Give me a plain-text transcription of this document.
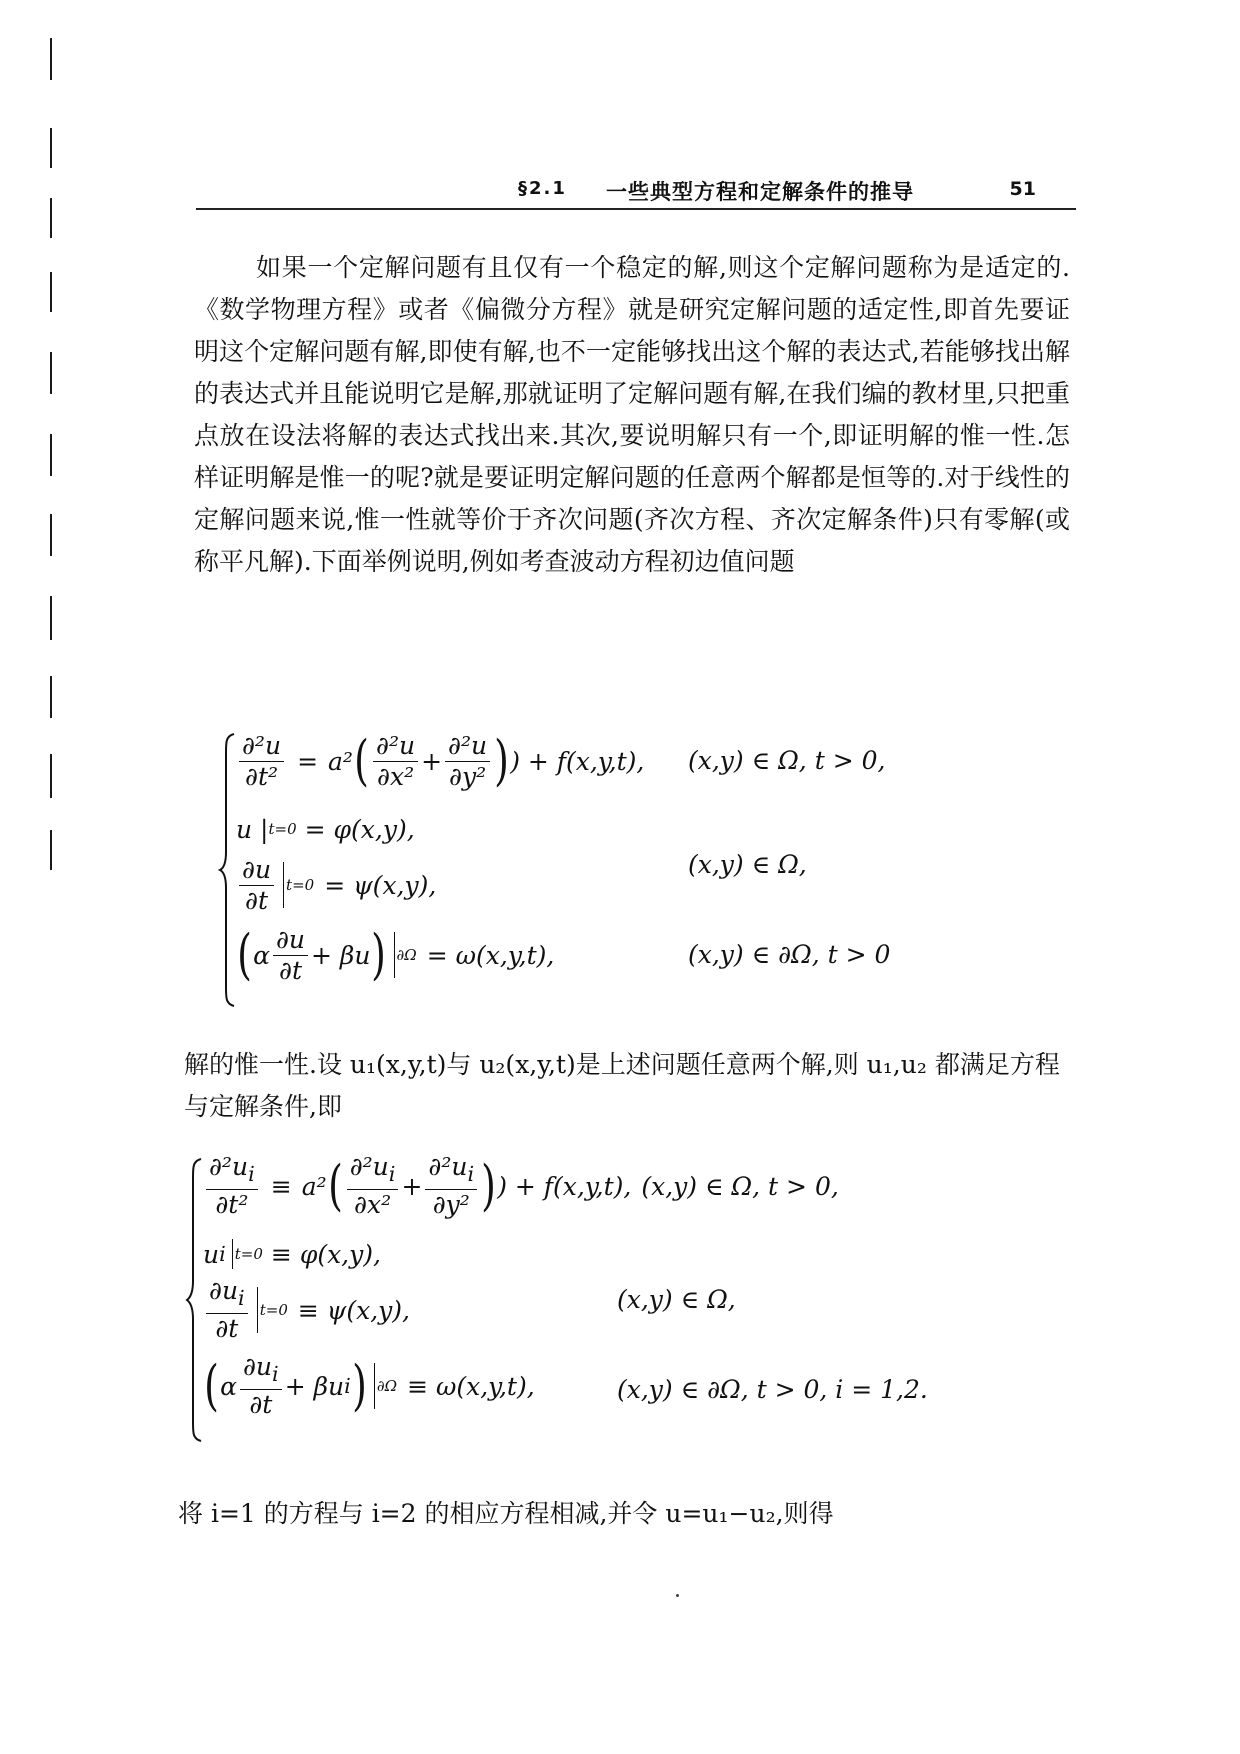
§2.1 一些典型方程和定解条件的推导	51
如果一个定解问题有且仅有一个稳定的解,则这个定解问题称为是适定的.《数学物理方程》或者《偏微分方程》就是研究定解问题的适定性,即首先要证明这个定解问题有解,即使有解,也不一定能够找出这个解的表达式,若能够找出解的表达式并且能说明它是解,那就证明了定解问题有解,在我们编的教材里,只把重点放在设法将解的表达式找出来.其次,要说明解只有一个,即证明解的惟一性.怎样证明解是惟一的呢?就是要证明定解问题的任意两个解都是恒等的.对于线性的定解问题来说,惟一性就等价于齐次问题(齐次方程、齐次定解条件)只有零解(或称平凡解).下面举例说明,例如考查波动方程初边值问题
$\frac{\text{∂²u}}{\text{∂t²}} = a^2$ ( $\frac{\text{∂²u}}{\text{∂x²}} + \frac{\text{∂²u}}{\text{∂y²}}$ ) ) + f(x,y,t), (x,y) ∈ Ω, t > 0,
u | t=0 = φ(x,y),
$\frac{\partial u}{\partial t} t=0 = \psi(x,y)$,
(x,y) ∈ Ω,
( α $\frac{\partial u}{\partial t} + \beta u$ ) ∂Ω = ω(x,y,t),	(x,y) ∈ ∂Ω, t > 0
解的惟一性.设 u₁(x,y,t)与 u₂(x,y,t)是上述问题任意两个解,则 u₁,u₂ 都满足方程与定解条件,即
$\frac{\partial^2u_i}{\text{∂t²}} \equiv a^2$ ( $\frac{\partial^2u_i}{\text{∂x²}} + \frac{\partial^2u_i}{\text{∂y²}}$ ) ) + f(x,y,t), (x,y) ∈ Ω, t > 0,
u i t=0 ≡ φ(x,y),
$\frac{\partial u_i}{\partial t} t=0 \equiv \psi(x,y)$,	(x,y) ∈ Ω,
( α $\frac{\partial u_i}{\partial t} + \beta u$ i ) ∂Ω ≡ ω(x,y,t),	(x,y) ∈ ∂Ω, t > 0, i = 1,2.
将 i=1 的方程与 i=2 的相应方程相减,并令 u=u₁−u₂,则得
